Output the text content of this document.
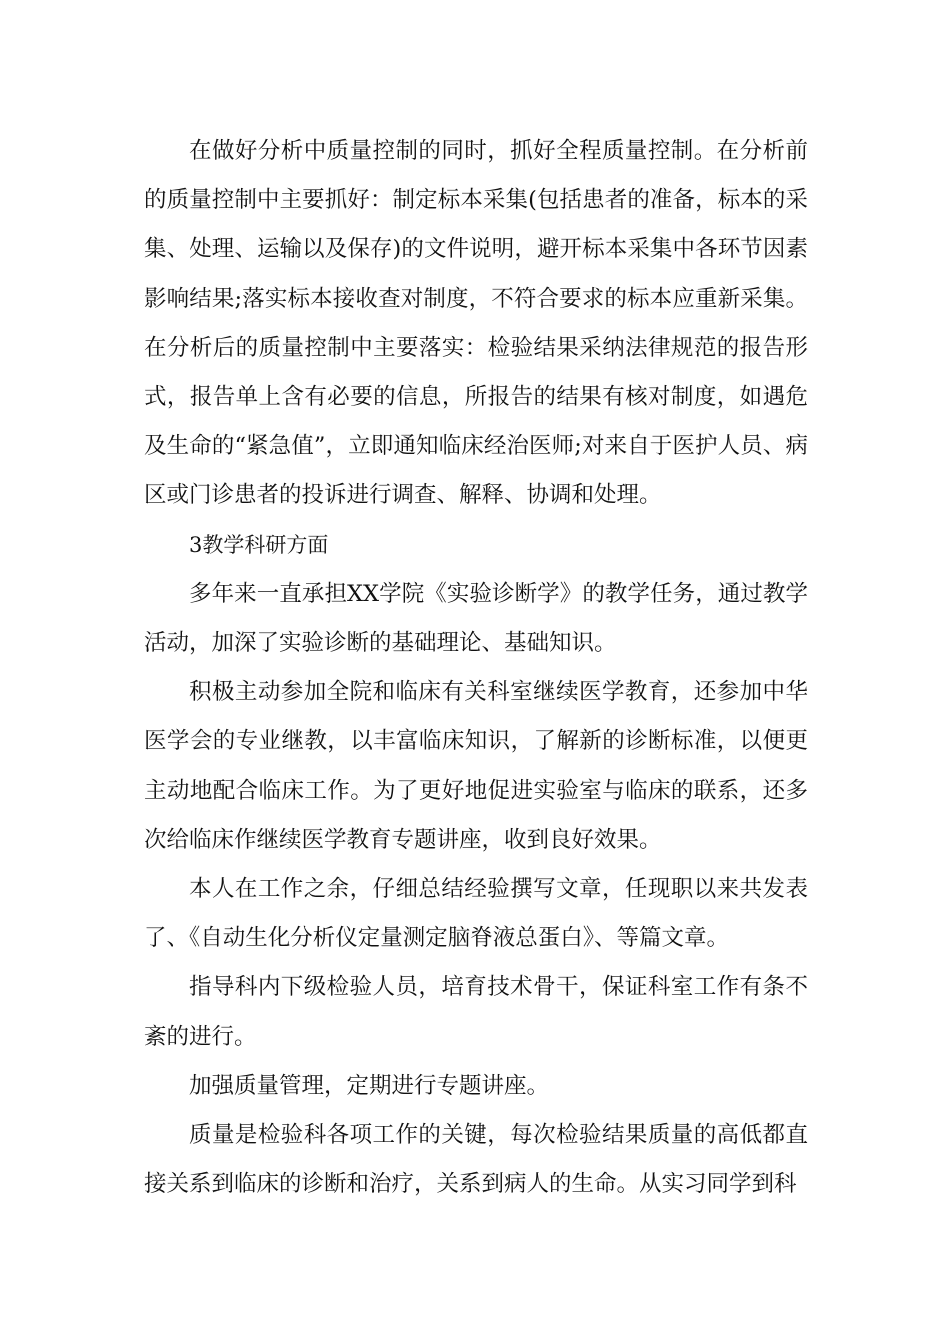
在做好分析中质量控制的同时，抓好全程质量控制。在分析前的质量控制中主要抓好：制定标本采集(包括患者的准备，标本的采集、处理、运输以及保存)的文件说明，避开标本采集中各环节因素影响结果;落实标本接收查对制度，不符合要求的标本应重新采集。在分析后的质量控制中主要落实：检验结果采纳法律规范的报告形式，报告单上含有必要的信息，所报告的结果有核对制度，如遇危及生命的“紧急值”，立即通知临床经治医师;对来自于医护人员、病区或门诊患者的投诉进行调查、解释、协调和处理。

3教学科研方面

多年来一直承担XX学院《实验诊断学》的教学任务，通过教学活动，加深了实验诊断的基础理论、基础知识。

积极主动参加全院和临床有关科室继续医学教育，还参加中华医学会的专业继教，以丰富临床知识，了解新的诊断标准，以便更主动地配合临床工作。为了更好地促进实验室与临床的联系，还多次给临床作继续医学教育专题讲座，收到良好效果。

本人在工作之余，仔细总结经验撰写文章，任现职以来共发表了、《自动生化分析仪定量测定脑脊液总蛋白》、等篇文章。

指导科内下级检验人员，培育技术骨干，保证科室工作有条不紊的进行。

加强质量管理，定期进行专题讲座。

质量是检验科各项工作的关键，每次检验结果质量的高低都直接关系到临床的诊断和治疗，关系到病人的生命。从实习同学到科
